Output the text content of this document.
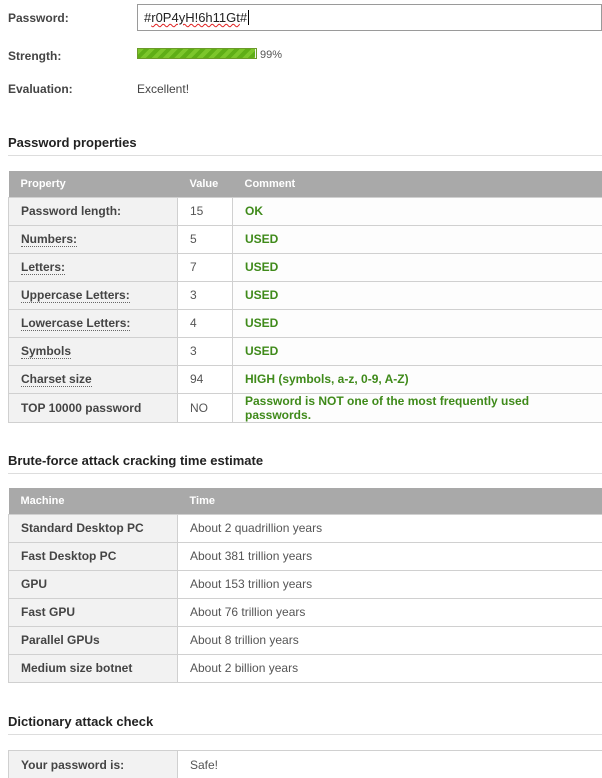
Password:	#r0P4yH!6h11Gt#
Strength:	99%
Evaluation:	Excellent!
Password properties
Property	Value	Comment
Password length:	15	OK
Numbers:	5	USED
Letters:	7	USED
Uppercase Letters:	3	USED
Lowercase Letters:	4	USED
Symbols	3	USED
Charset size	94	HIGH (symbols, a-z, 0-9, A-Z)
TOP 10000 password	NO	Password is NOT one of the most frequently used passwords.
Brute-force attack cracking time estimate
Machine	Time
Standard Desktop PC	About 2 quadrillion years
Fast Desktop PC	About 381 trillion years
GPU	About 153 trillion years
Fast GPU	About 76 trillion years
Parallel GPUs	About 8 trillion years
Medium size botnet	About 2 billion years
Dictionary attack check
Your password is:	Safe!
